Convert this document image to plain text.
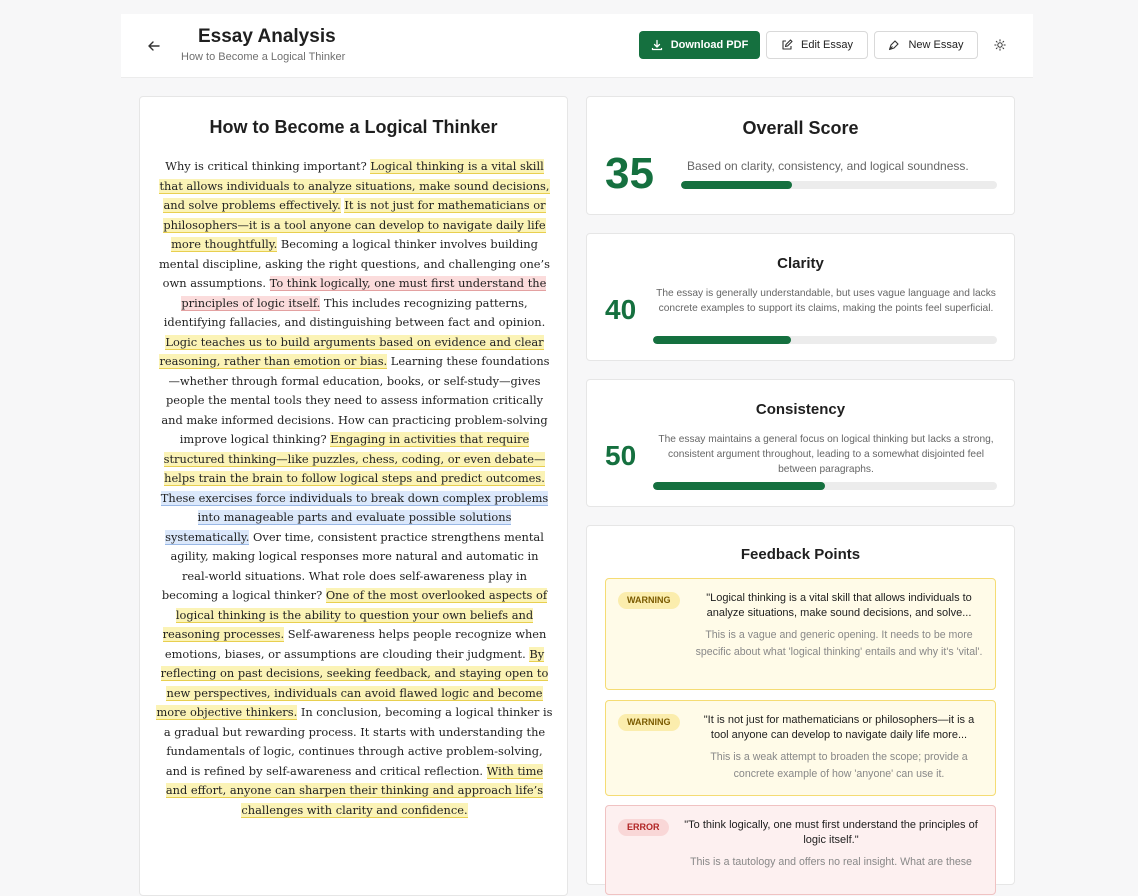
Essay Analysis
How to Become a Logical Thinker
Download PDF	Edit Essay	New Essay
How to Become a Logical Thinker
Why is critical thinking important? Logical thinking is a vital skill that allows individuals to analyze situations, make sound decisions, and solve problems effectively. It is not just for mathematicians or philosophers—it is a tool anyone can develop to navigate daily life more thoughtfully. Becoming a logical thinker involves building mental discipline, asking the right questions, and challenging one’s own assumptions. To think logically, one must first understand the principles of logic itself. This includes recognizing patterns, identifying fallacies, and distinguishing between fact and opinion. Logic teaches us to build arguments based on evidence and clear reasoning, rather than emotion or bias. Learning these foundations—whether through formal education, books, or self-study—gives people the mental tools they need to assess information critically and make informed decisions. How can practicing problem-solving improve logical thinking? Engaging in activities that require structured thinking—like puzzles, chess, coding, or even debate—helps train the brain to follow logical steps and predict outcomes. These exercises force individuals to break down complex problems into manageable parts and evaluate possible solutions systematically. Over time, consistent practice strengthens mental agility, making logical responses more natural and automatic in real-world situations. What role does self-awareness play in becoming a logical thinker? One of the most overlooked aspects of logical thinking is the ability to question your own beliefs and reasoning processes. Self-awareness helps people recognize when emotions, biases, or assumptions are clouding their judgment. By reflecting on past decisions, seeking feedback, and staying open to new perspectives, individuals can avoid flawed logic and become more objective thinkers. In conclusion, becoming a logical thinker is a gradual but rewarding process. It starts with understanding the fundamentals of logic, continues through active problem-solving, and is refined by self-awareness and critical reflection. With time and effort, anyone can sharpen their thinking and approach life’s challenges with clarity and confidence.
Overall Score
35	Based on clarity, consistency, and logical soundness.
Clarity
40
The essay is generally understandable, but uses vague language and lacks concrete examples to support its claims, making the points feel superficial.
Consistency
50
The essay maintains a general focus on logical thinking but lacks a strong, consistent argument throughout, leading to a somewhat disjointed feel between paragraphs.
Feedback Points
WARNING	"Logical thinking is a vital skill that allows individuals to analyze situations, make sound decisions, and solve...
This is a vague and generic opening. It needs to be more specific about what 'logical thinking' entails and why it's 'vital'.
WARNING	"It is not just for mathematicians or philosophers—it is a tool anyone can develop to navigate daily life more...
This is a weak attempt to broaden the scope; provide a concrete example of how 'anyone' can use it.
ERROR	"To think logically, one must first understand the principles of logic itself."
This is a tautology and offers no real insight. What are these
